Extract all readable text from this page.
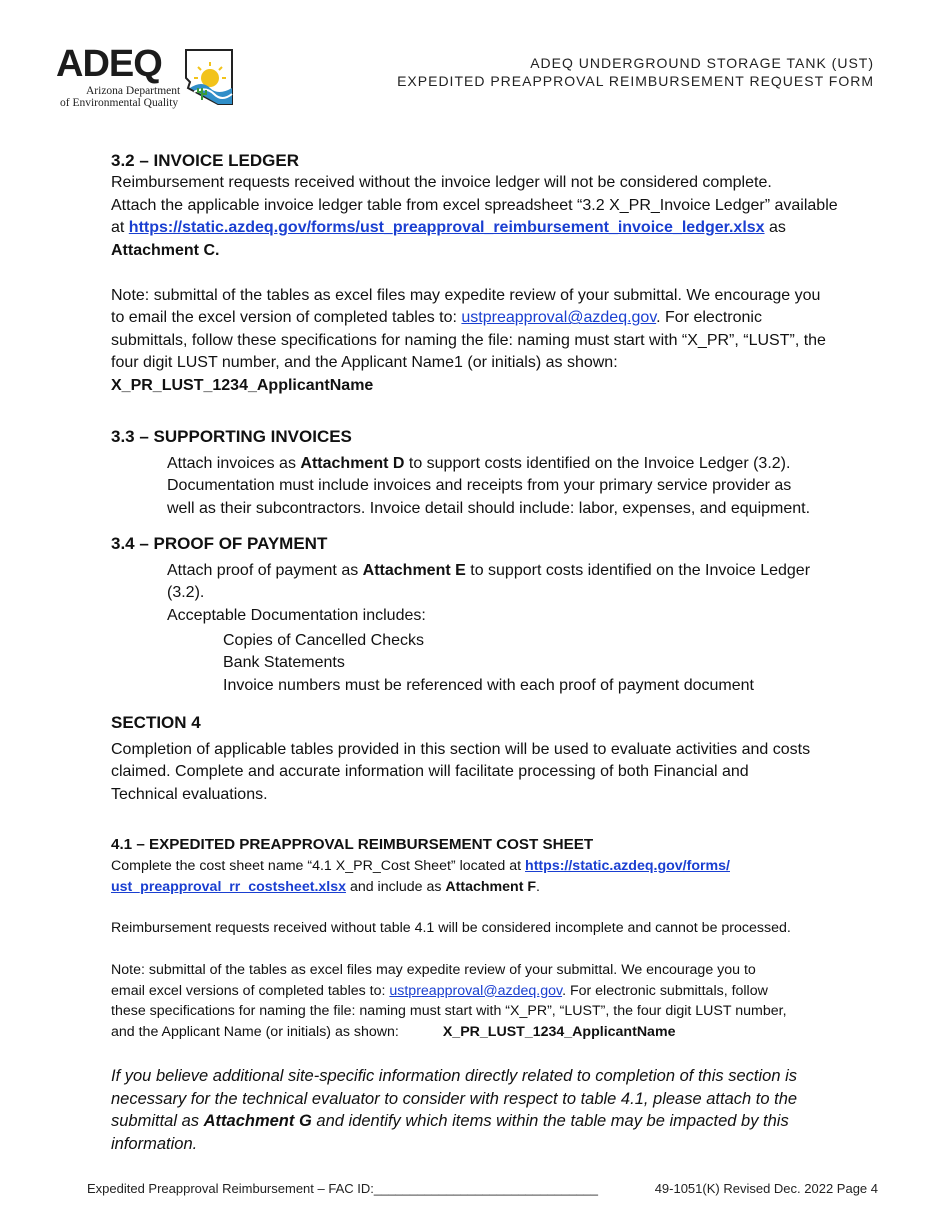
ADEQ
Arizona Department
of Environmental Quality
ADEQ UNDERGROUND STORAGE TANK (UST)
EXPEDITED PREAPPROVAL REIMBURSEMENT REQUEST FORM
3.2 – INVOICE LEDGER
Reimbursement requests received without the invoice ledger will not be considered complete.
Attach the applicable invoice ledger table from excel spreadsheet “3.2 X_PR_Invoice Ledger” available
at https://static.azdeq.gov/forms/ust_preapproval_reimbursement_invoice_ledger.xlsx as
Attachment C.
Note: submittal of the tables as excel files may expedite review of your submittal. We encourage you
to email the excel version of completed tables to: ustpreapproval@azdeq.gov. For electronic
submittals, follow these specifications for naming the file: naming must start with “X_PR”, “LUST”, the
four digit LUST number, and the Applicant Name1 (or initials) as shown:
X_PR_LUST_1234_ApplicantName
3.3 – SUPPORTING INVOICES
Attach invoices as Attachment D to support costs identified on the Invoice Ledger (3.2).
Documentation must include invoices and receipts from your primary service provider as
well as their subcontractors. Invoice detail should include: labor, expenses, and equipment.
3.4 – PROOF OF PAYMENT
Attach proof of payment as Attachment E to support costs identified on the Invoice Ledger
(3.2).
Acceptable Documentation includes:
Copies of Cancelled Checks
Bank Statements
Invoice numbers must be referenced with each proof of payment document
SECTION 4
Completion of applicable tables provided in this section will be used to evaluate activities and costs
claimed. Complete and accurate information will facilitate processing of both Financial and
Technical evaluations.
4.1 – EXPEDITED PREAPPROVAL REIMBURSEMENT COST SHEET
Complete the cost sheet name “4.1 X_PR_Cost Sheet” located at https://static.azdeq.gov/forms/
ust_preapproval_rr_costsheet.xlsx and include as Attachment F.
Reimbursement requests received without table 4.1 will be considered incomplete and cannot be processed.
Note: submittal of the tables as excel files may expedite review of your submittal. We encourage you to
email excel versions of completed tables to: ustpreapproval@azdeq.gov. For electronic submittals, follow
these specifications for naming the file: naming must start with “X_PR”, “LUST”, the four digit LUST number,
and the Applicant Name (or initials) as shown:	X_PR_LUST_1234_ApplicantName
If you believe additional site-specific information directly related to completion of this section is
necessary for the technical evaluator to consider with respect to table 4.1, please attach to the
submittal as Attachment G and identify which items within the table may be impacted by this
information.
Expedited Preapproval Reimbursement – FAC ID:_______________________________	49-1051(K) Revised Dec. 2022 Page 4
